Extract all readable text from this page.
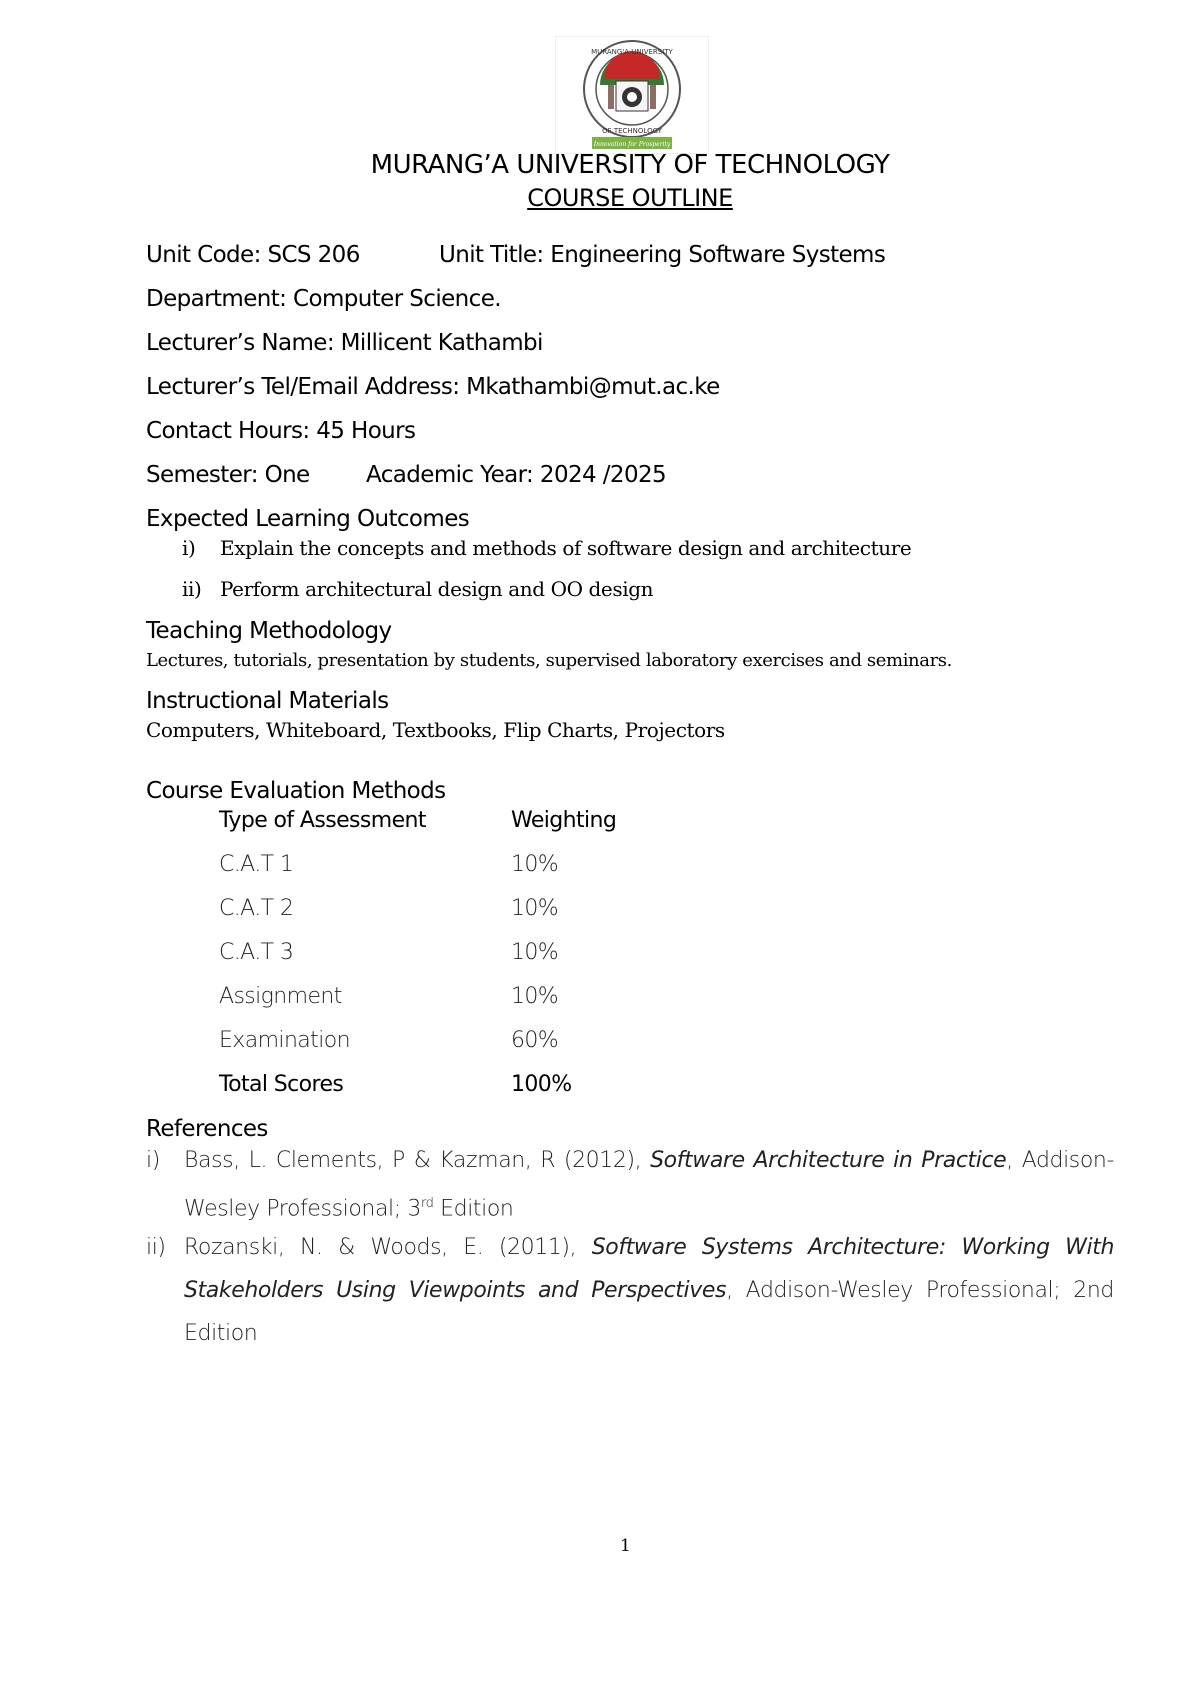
MURANG'A UNIVERSITY
OF TECHNOLOGY
Innovation for Prosperity
MURANG’A UNIVERSITY OF TECHNOLOGY
COURSE OUTLINE
Unit Code: SCS 206	Unit Title: Engineering Software Systems
Department: Computer Science.
Lecturer’s Name: Millicent Kathambi
Lecturer’s Tel/Email Address: Mkathambi@mut.ac.ke
Contact Hours: 45 Hours
Semester: One Academic Year: 2024 /2025
Expected Learning Outcomes
i) Explain the concepts and methods of software design and architecture
ii) Perform architectural design and OO design
Teaching Methodology
Lectures, tutorials, presentation by students, supervised laboratory exercises and seminars.
Instructional Materials
Computers, Whiteboard, Textbooks, Flip Charts, Projectors
Course Evaluation Methods
Type of Assessment	Weighting
C.A.T 1	10%
C.A.T 2	10%
C.A.T 3	10%
Assignment	10%
Examination	60%
Total Scores	100%
References
i) Bass, L. Clements, P & Kazman, R (2012), Software Architecture in Practice, Addison-Wesley Professional; 3rd Edition
ii) Rozanski, N. & Woods, E. (2011), Software Systems Architecture: Working With Stakeholders Using Viewpoints and Perspectives, Addison-Wesley Professional; 2nd Edition
1
